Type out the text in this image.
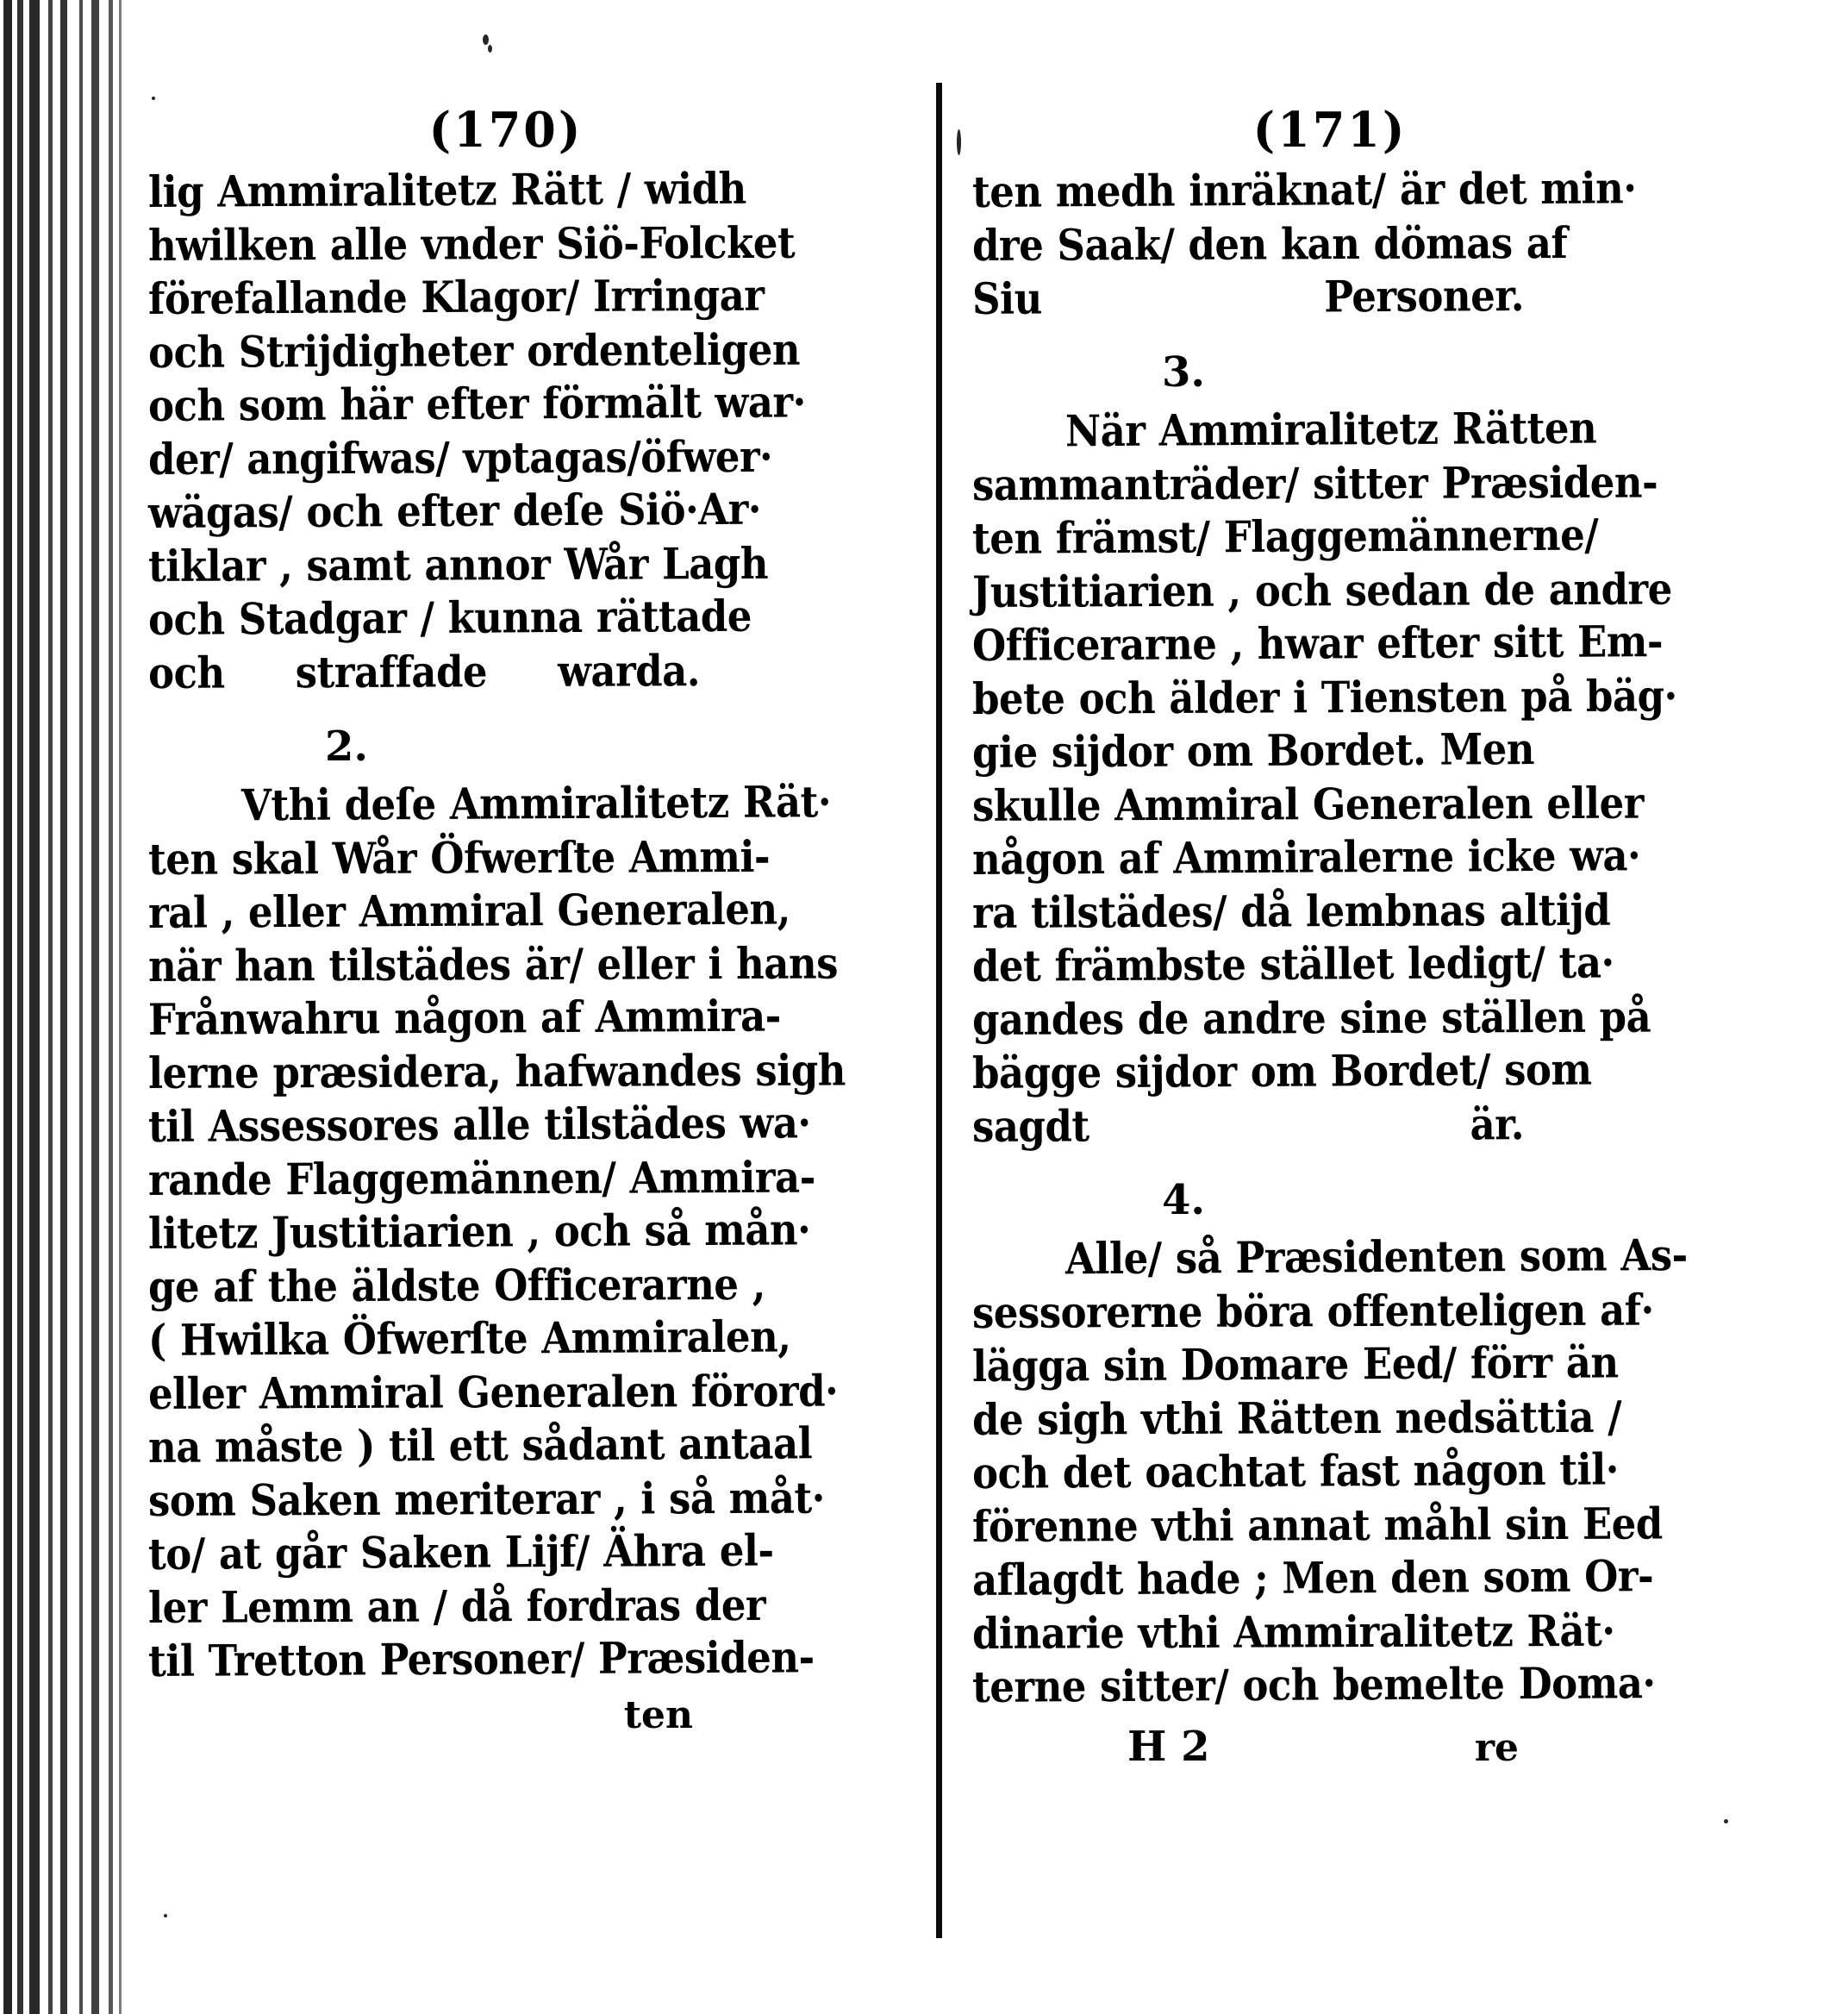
(170)
lig Ammiralitetz Rätt / widh
hwilken alle vnder Siö-Folcket
förefallande Klagor/ Irringar
och Strijdigheter ordenteligen
och som här efter förmält war·
der/ angifwas/ vptagas/öfwer·
wägas/ och efter deſe Siö·Ar·
tiklar , samt annor Wår Lagh
och Stadgar / kunna rättade
och straffade warda.
2.
Vthi deſe Ammiralitetz Rät·
ten skal Wår Öfwerſte Ammi-
ral , eller Ammiral Generalen,
när han tilstädes är/ eller i hans
Frånwahru någon af Ammira-
lerne præsidera, hafwandes sigh
til Assessores alle tilstädes wa·
rande Flaggemännen/ Ammira-
litetz Justitiarien , och så mån·
ge af the äldste Officerarne ,
( Hwilka Öfwerſte Ammiralen,
eller Ammiral Generalen förord·
na måste ) til ett sådant antaal
som Saken meriterar , i så måt·
to/ at går Saken Lijf/ Ähra el-
ler Lemm an / då fordras der
til Tretton Personer/ Præsiden-
ten
(171)
ten medh inräknat/ är det min·
dre Saak/ den kan dömas af
Siu Personer.
3.
När Ammiralitetz Rätten
sammanträder/ sitter Præsiden-
ten främst/ Flaggemännerne/
Justitiarien , och sedan de andre
Officerarne , hwar efter sitt Em-
bete och älder i Tiensten på bäg·
gie sijdor om Bordet. Men
skulle Ammiral Generalen eller
någon af Ammiralerne icke wa·
ra tilstädes/ då lembnas altijd
det främbste stället ledigt/ ta·
gandes de andre sine ställen på
bägge sijdor om Bordet/ som
sagdt är.
4.
Alle/ så Præsidenten som As-
sessorerne böra offenteligen af·
lägga sin Domare Eed/ förr än
de sigh vthi Rätten nedsättia /
och det oachtat fast någon til·
förenne vthi annat måhl sin Eed
aflagdt hade ; Men den som Or-
dinarie vthi Ammiralitetz Rät·
terne sitter/ och bemelte Doma·
H 2	re
